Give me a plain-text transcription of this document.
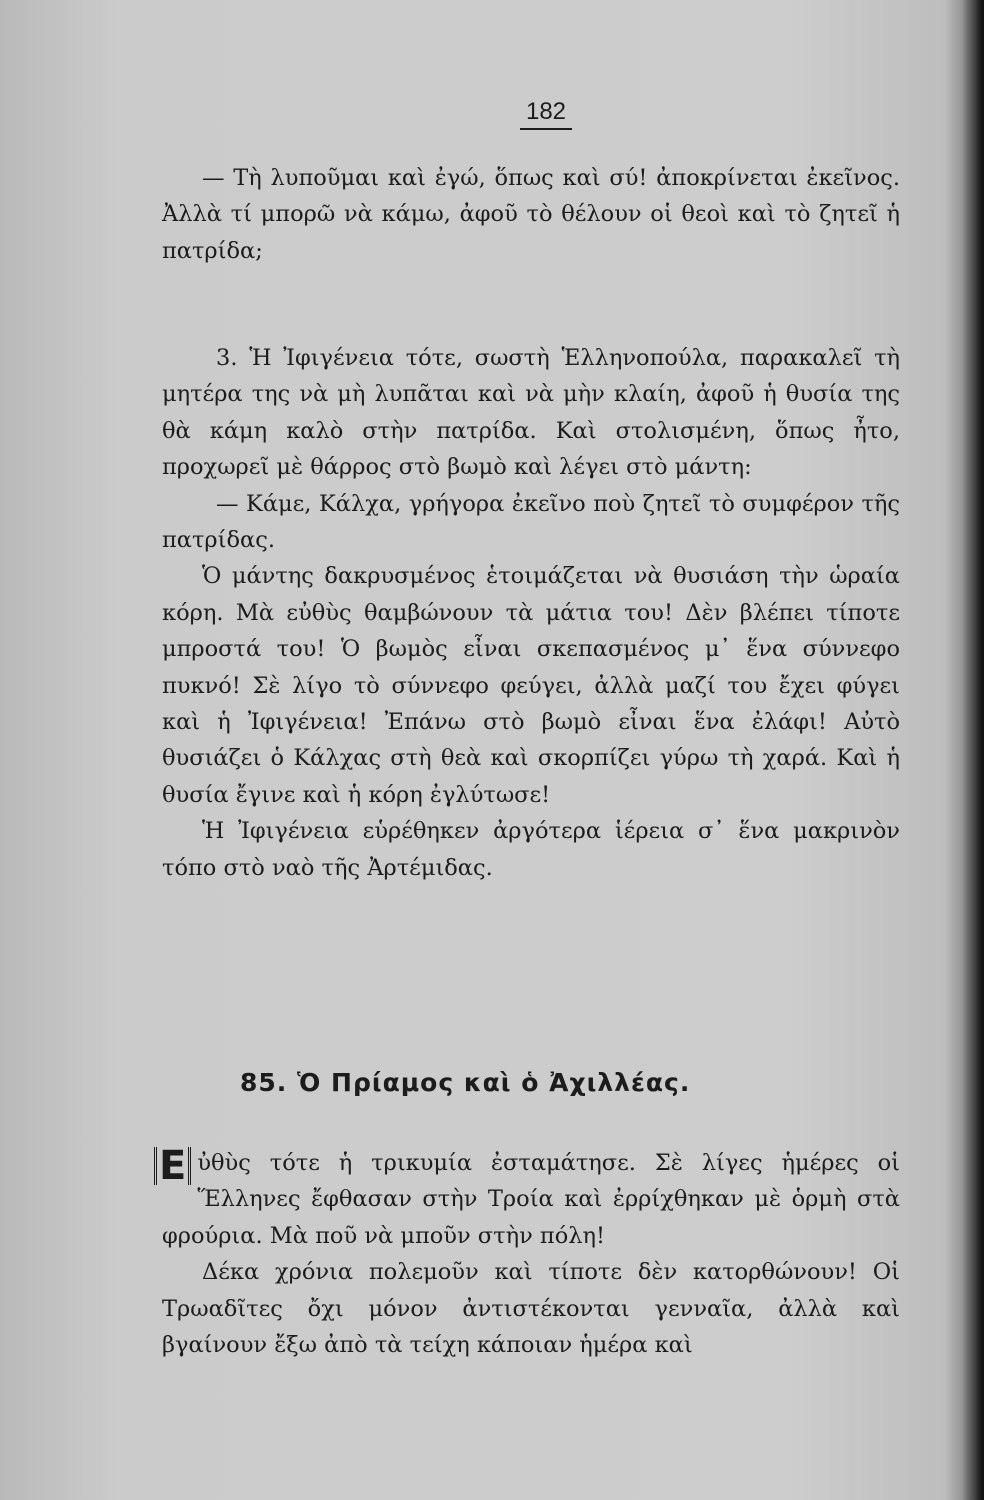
182

— Τὴ λυποῦμαι καὶ ἐγώ, ὅπως καὶ σύ! ἀποκρίνεται ἐκεῖνος. Ἀλλὰ τί μπορῶ νὰ κάμω, ἀφοῦ τὸ θέλουν οἱ θεοὶ καὶ τὸ ζητεῖ ἡ πατρίδα;

3. Ἡ Ἰφιγένεια τότε, σωστὴ Ἑλληνοπούλα, παρακαλεῖ τὴ μητέρα της νὰ μὴ λυπᾶται καὶ νὰ μὴν κλαίη, ἀφοῦ ἡ θυσία της θὰ κάμη καλὸ στὴν πατρίδα. Καὶ στολισμένη, ὅπως ἦτο, προχωρεῖ μὲ θάρρος στὸ βωμὸ καὶ λέγει στὸ μάντη:

— Κάμε, Κάλχα, γρήγορα ἐκεῖνο ποὺ ζητεῖ τὸ συμφέρον τῆς πατρίδας.

Ὁ μάντης δακρυσμένος ἑτοιμάζεται νὰ θυσιάση τὴν ὡραία κόρη. Μὰ εὐθὺς θαμβώνουν τὰ μάτια του! Δὲν βλέπει τίποτε μπροστά του! Ὁ βωμὸς εἶναι σκεπασμένος μ᾿ ἕνα σύννεφο πυκνό! Σὲ λίγο τὸ σύννεφο φεύγει, ἀλλὰ μαζί του ἔχει φύγει καὶ ἡ Ἰφιγένεια! Ἐπάνω στὸ βωμὸ εἶναι ἕνα ἐλάφι! Αὐτὸ θυσιάζει ὁ Κάλχας στὴ θεὰ καὶ σκορπίζει γύρω τὴ χαρά. Καὶ ἡ θυσία ἔγινε καὶ ἡ κόρη ἐγλύτωσε!

Ἡ Ἰφιγένεια εὑρέθηκεν ἀργότερα ἱέρεια σ᾿ ἕνα μακρινὸν τόπο στὸ ναὸ τῆς Ἀρτέμιδας.

85. Ὁ Πρίαμος καὶ ὁ Ἀχιλλέας.

Ε ὐθὺς τότε ἡ τρικυμία ἐσταμάτησε. Σὲ λίγες ἡμέρες οἱ Ἕλληνες ἔφθασαν στὴν Τροία καὶ ἐρρίχθηκαν μὲ ὁρμὴ στὰ φρούρια. Μὰ ποῦ νὰ μποῦν στὴν πόλη!

Δέκα χρόνια πολεμοῦν καὶ τίποτε δὲν κατορθώνουν! Οἱ Τρωαδῖτες ὄχι μόνον ἀντιστέκονται γενναῖα, ἀλλὰ καὶ βγαίνουν ἔξω ἀπὸ τὰ τείχη κάποιαν ἡμέρα καὶ
